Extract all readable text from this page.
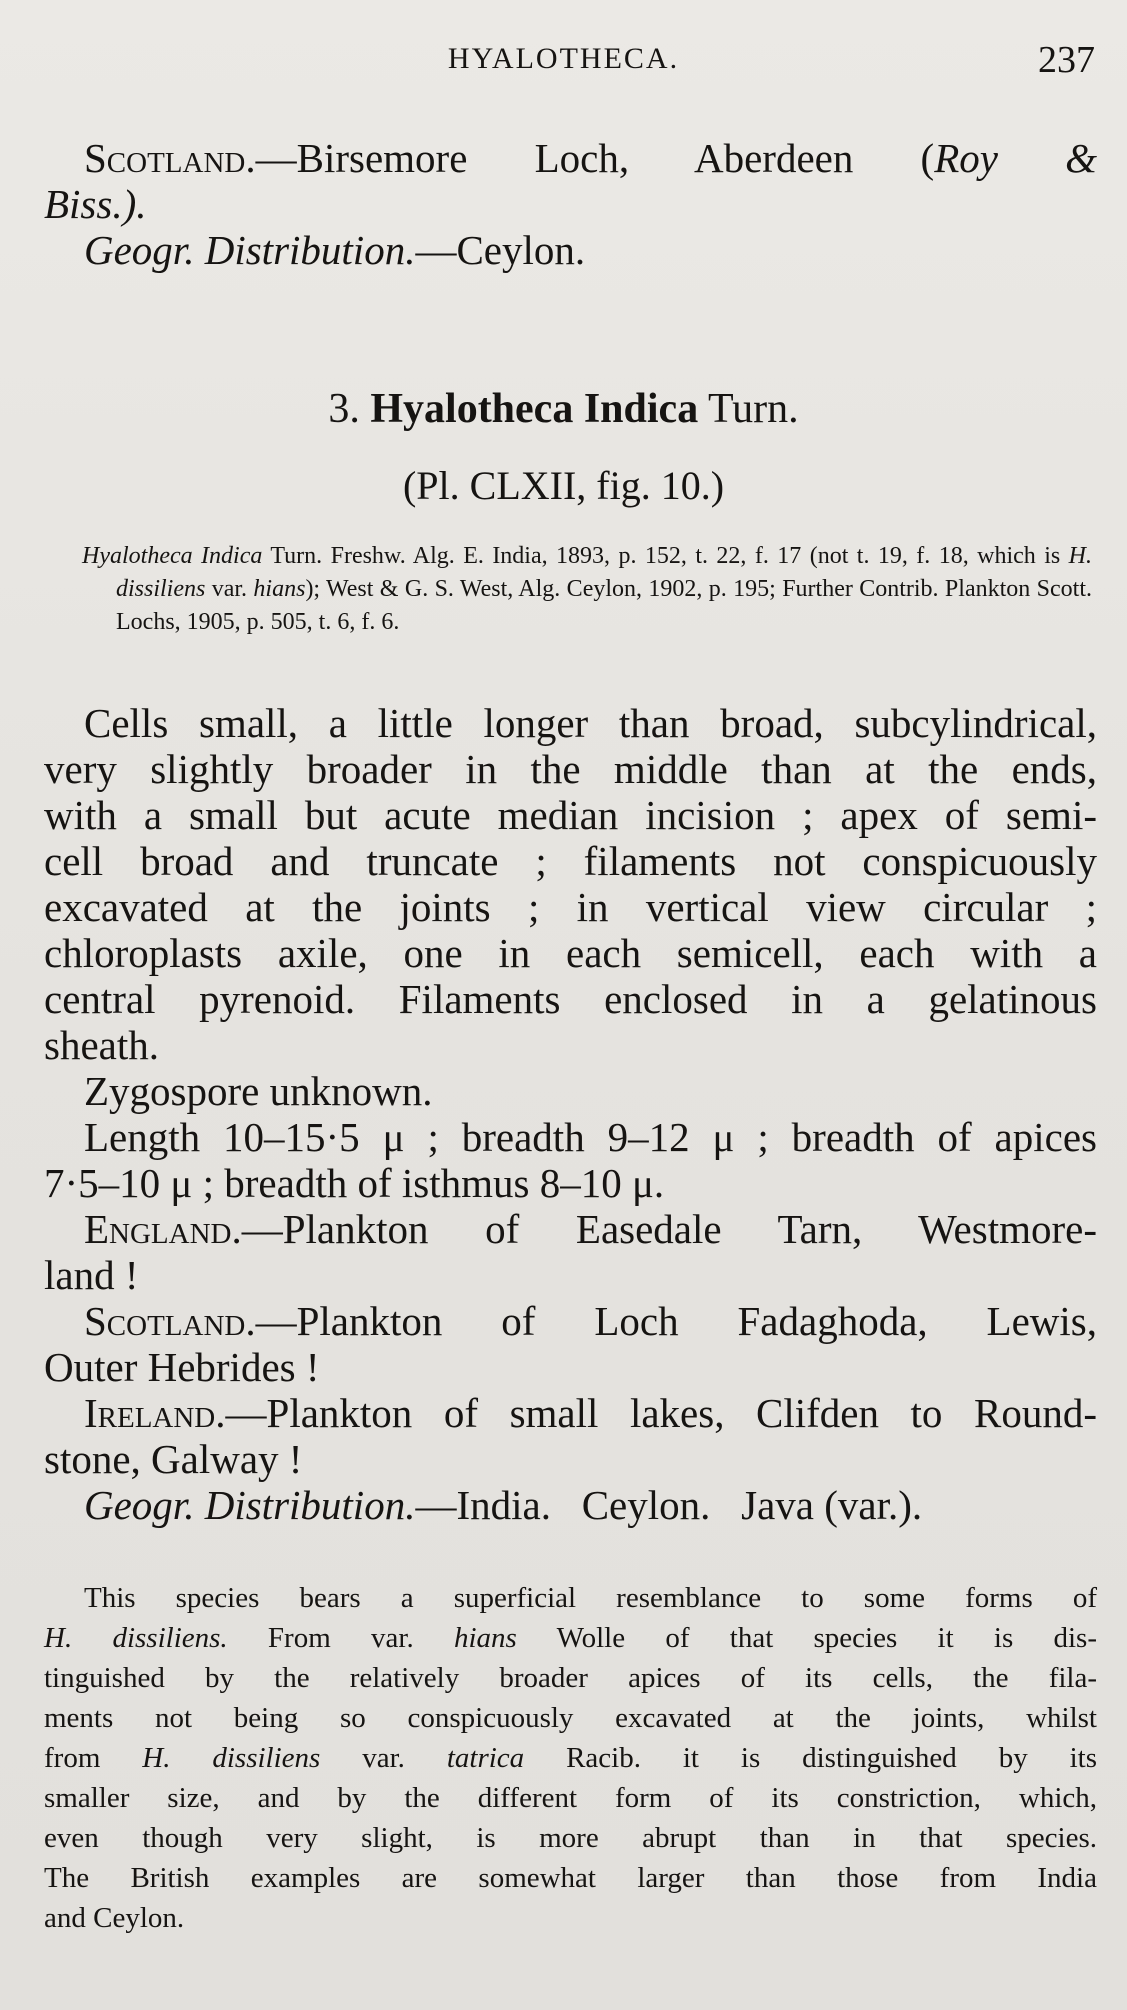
HYALOTHECA.	237

Scotland.—Birsemore Loch, Aberdeen (Roy &

Biss.).

Geogr. Distribution.—Ceylon.

3. Hyalotheca Indica Turn.
(Pl. CLXII, fig. 10.)

Hyalotheca Indica Turn. Freshw. Alg. E. India, 1893, p. 152, t. 22, f. 17 (not t. 19, f. 18, which is H. dissiliens var. hians); West & G. S. West, Alg. Ceylon, 1902, p. 195; Further Contrib. Plankton Scott. Lochs, 1905, p. 505, t. 6, f. 6.

Cells small, a little longer than broad, subcylindrical,

very slightly broader in the middle than at the ends,

with a small but acute median incision ; apex of semi-

cell broad and truncate ; filaments not conspicuously

excavated at the joints ; in vertical view circular ;

chloroplasts axile, one in each semicell, each with a

central pyrenoid. Filaments enclosed in a gelatinous

sheath.

Zygospore unknown.

Length 10–15·5 μ ; breadth 9–12 μ ; breadth of apices

7·5–10 μ ; breadth of isthmus 8–10 μ.

England.—Plankton of Easedale Tarn, Westmore-

land !

Scotland.—Plankton of Loch Fadaghoda, Lewis,

Outer Hebrides !

Ireland.—Plankton of small lakes, Clifden to Round-

stone, Galway !

Geogr. Distribution.—India.   Ceylon.   Java (var.).

This species bears a superficial resemblance to some forms of

H. dissiliens. From var. hians Wolle of that species it is dis-

tinguished by the relatively broader apices of its cells, the fila-

ments not being so conspicuously excavated at the joints, whilst

from H. dissiliens var. tatrica Racib. it is distinguished by its

smaller size, and by the different form of its constriction, which,

even though very slight, is more abrupt than in that species.

The British examples are somewhat larger than those from India

and Ceylon.
